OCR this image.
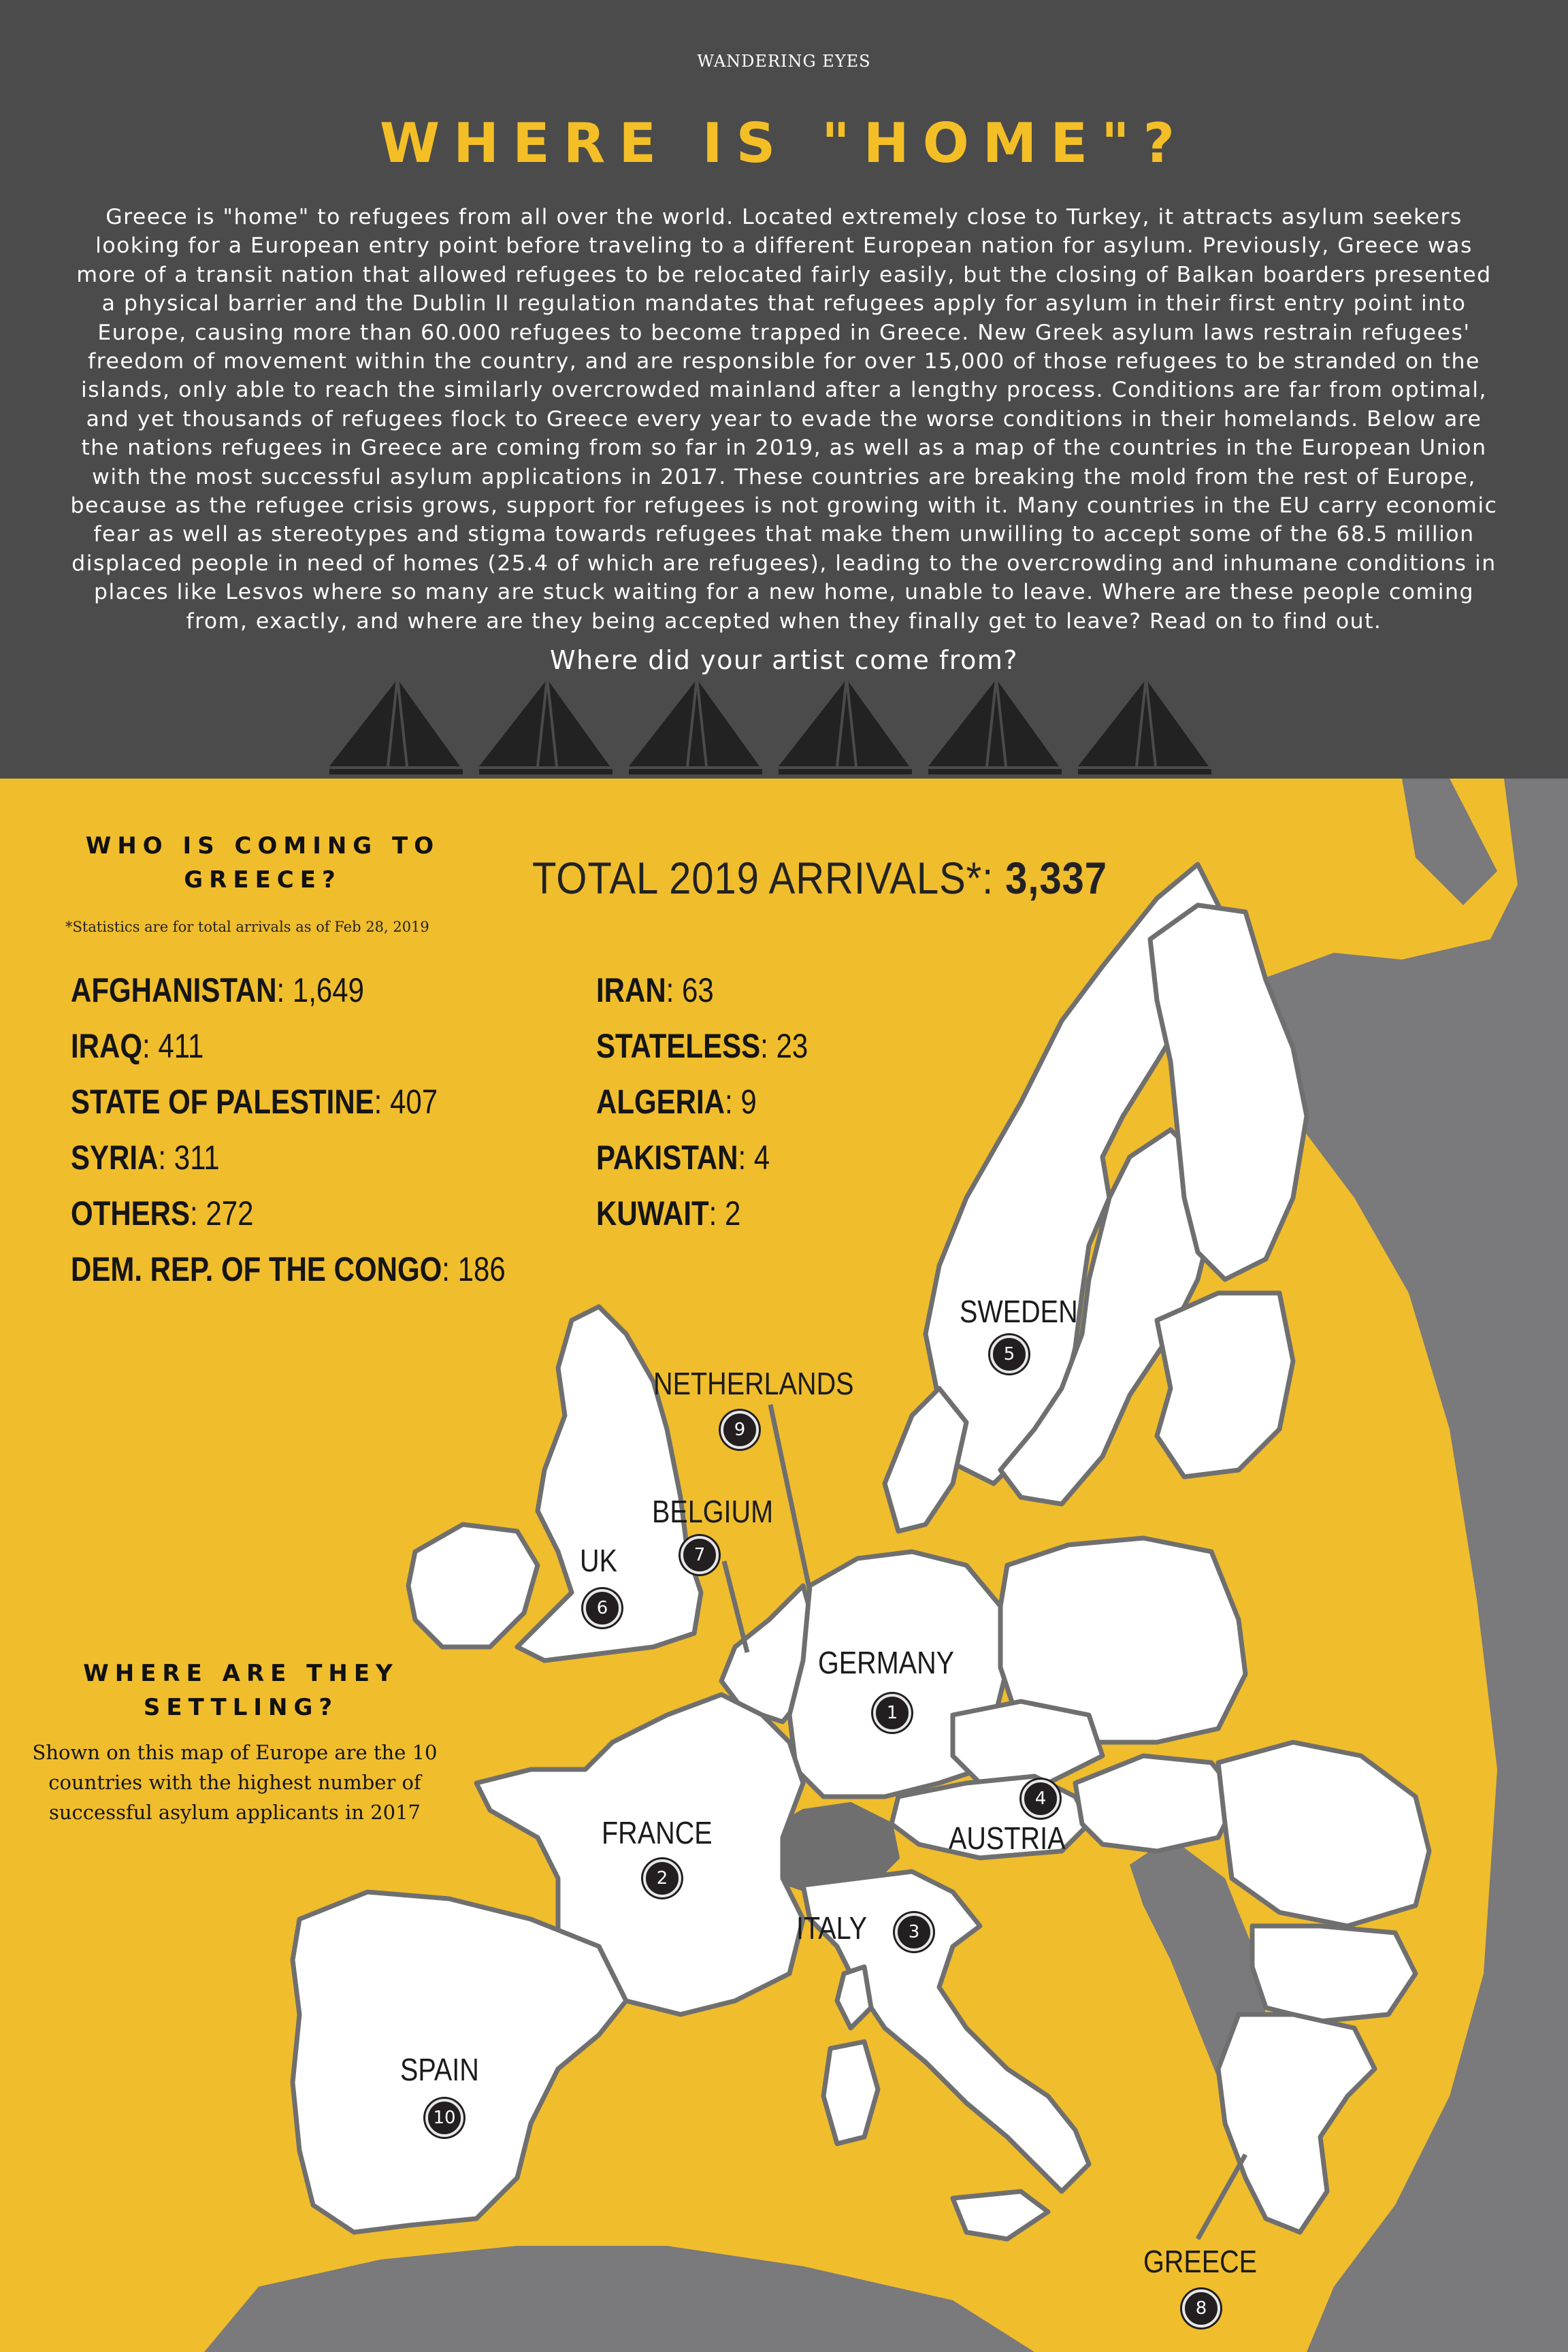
WANDERING EYES
WHERE IS "HOME"?

Greece is "home" to refugees from all over the world. Located extremely close to Turkey, it attracts asylum seekers looking for a European entry point before traveling to a different European nation for asylum. Previously, Greece was more of a transit nation that allowed refugees to be relocated fairly easily, but the closing of Balkan boarders presented a physical barrier and the Dublin II regulation mandates that refugees apply for asylum in their first entry point into Europe, causing more than 60.000 refugees to become trapped in Greece. New Greek asylum laws restrain refugees' freedom of movement within the country, and are responsible for over 15,000 of those refugees to be stranded on the islands, only able to reach the similarly overcrowded mainland after a lengthy process. Conditions are far from optimal, and yet thousands of refugees flock to Greece every year to evade the worse conditions in their homelands. Below are the nations refugees in Greece are coming from so far in 2019, as well as a map of the countries in the European Union with the most successful asylum applications in 2017. These countries are breaking the mold from the rest of Europe, because as the refugee crisis grows, support for refugees is not growing with it. Many countries in the EU carry economic fear as well as stereotypes and stigma towards refugees that make them unwilling to accept some of the 68.5 million displaced people in need of homes (25.4 of which are refugees), leading to the overcrowding and inhumane conditions in places like Lesvos where so many are stuck waiting for a new home, unable to leave. Where are these people coming from, exactly, and where are they being accepted when they finally get to leave? Read on to find out.

Where did your artist come from?
WHO IS COMING TO GREECE?
*Statistics are for total arrivals as of Feb 28, 2019
TOTAL 2019 ARRIVALS*: 3,337
AFGHANISTAN: 1,649
IRAQ: 411
STATE OF PALESTINE: 407
SYRIA: 311
OTHERS: 272
DEM. REP. OF THE CONGO: 186
IRAN: 63
STATELESS: 23
ALGERIA: 9
PAKISTAN: 4
KUWAIT: 2
WHERE ARE THEY SETTLING?
Shown on this map of Europe are the 10 countries with the highest number of successful asylum applicants in 2017
GERMANY
1
FRANCE
2
ITALY	3
AUSTRIA
4
SWEDEN
5
UK
6
BELGIUM
7
GREECE
8
NETHERLANDS
9
SPAIN
10
